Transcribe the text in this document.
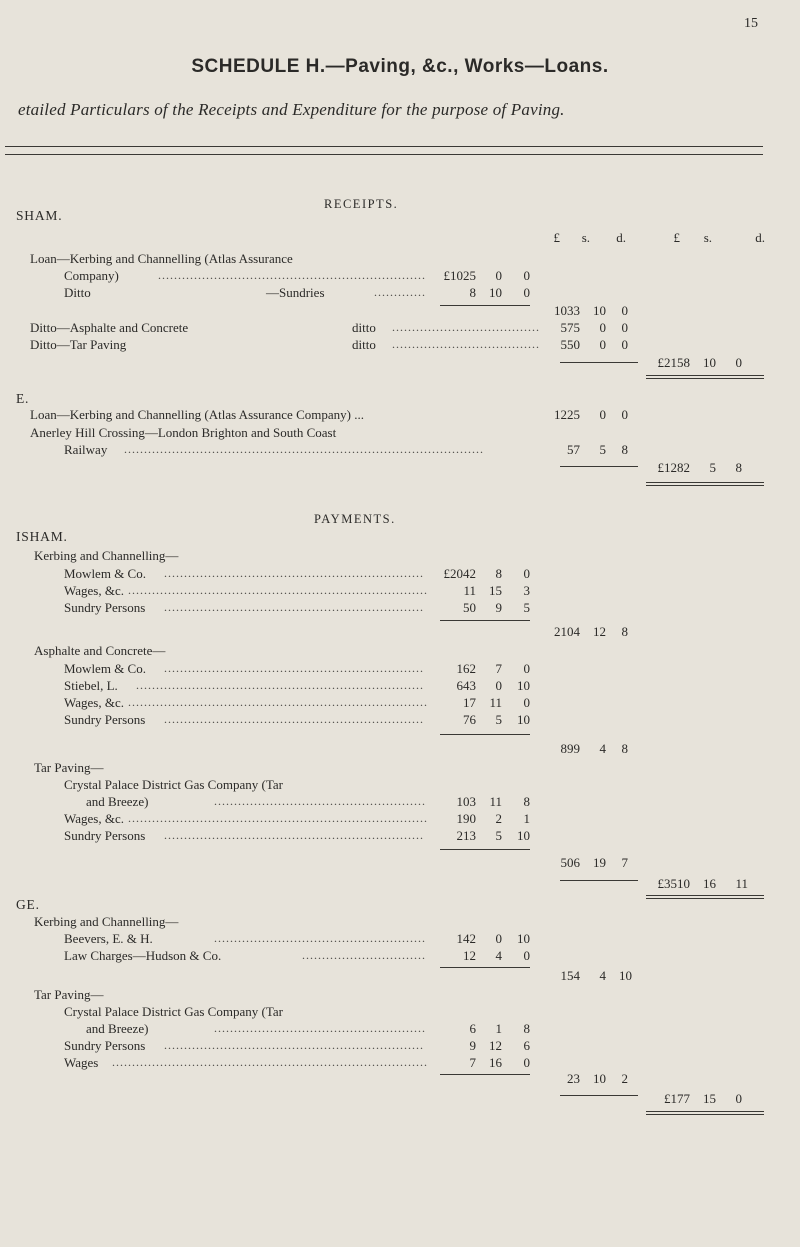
15
SCHEDULE H.—Paving, &c., Works—Loans.
etailed Particulars of the Receipts and Expenditure for the purpose of Paving.
RECEIPTS.
SHAM.
£	s.	d.	£	s.	d.
Loan—Kerbing and Channelling (Atlas Assurance
Company)	...................................................................	£1025	0	0
Ditto	—Sundries	.............	8	10	0
1033	10	0
Ditto—Asphalte and Concrete	ditto .....................................	575	0	0
Ditto—Tar Paving	ditto .....................................	550	0	0
£2158	10	0
E.
Loan—Kerbing and Channelling (Atlas Assurance Company) ...	1225	0	0
Anerley Hill Crossing—London Brighton and South Coast
Railway ..........................................................................................	57	5	8
£1282	5	8
PAYMENTS.
ISHAM.
Kerbing and Channelling—
Mowlem & Co. .................................................................	£2042	8	0
Wages, &c. ...........................................................................	11	15	3
Sundry Persons .................................................................	50	9	5
2104	12	8
Asphalte and Concrete—
Mowlem & Co. .................................................................	162	7	0
Stiebel, L. ........................................................................	643	0	10
Wages, &c. ...........................................................................	17	11	0
Sundry Persons .................................................................	76	5	10
899	4	8
Tar Paving—
Crystal Palace District Gas Company (Tar
and Breeze)	.....................................................	103	11	8
Wages, &c. ...........................................................................	190	2	1
Sundry Persons .................................................................	213	5	10
506	19	7
£3510	16	11
GE.
Kerbing and Channelling—
Beevers, E. & H.	.....................................................	142	0	10
Law Charges—Hudson & Co.	...............................	12	4	0
154	4	10
Tar Paving—
Crystal Palace District Gas Company (Tar
and Breeze)	.....................................................	6	1	8
Sundry Persons .................................................................	9	12	6
Wages ...............................................................................	7	16	0
23	10	2
£177	15	0
